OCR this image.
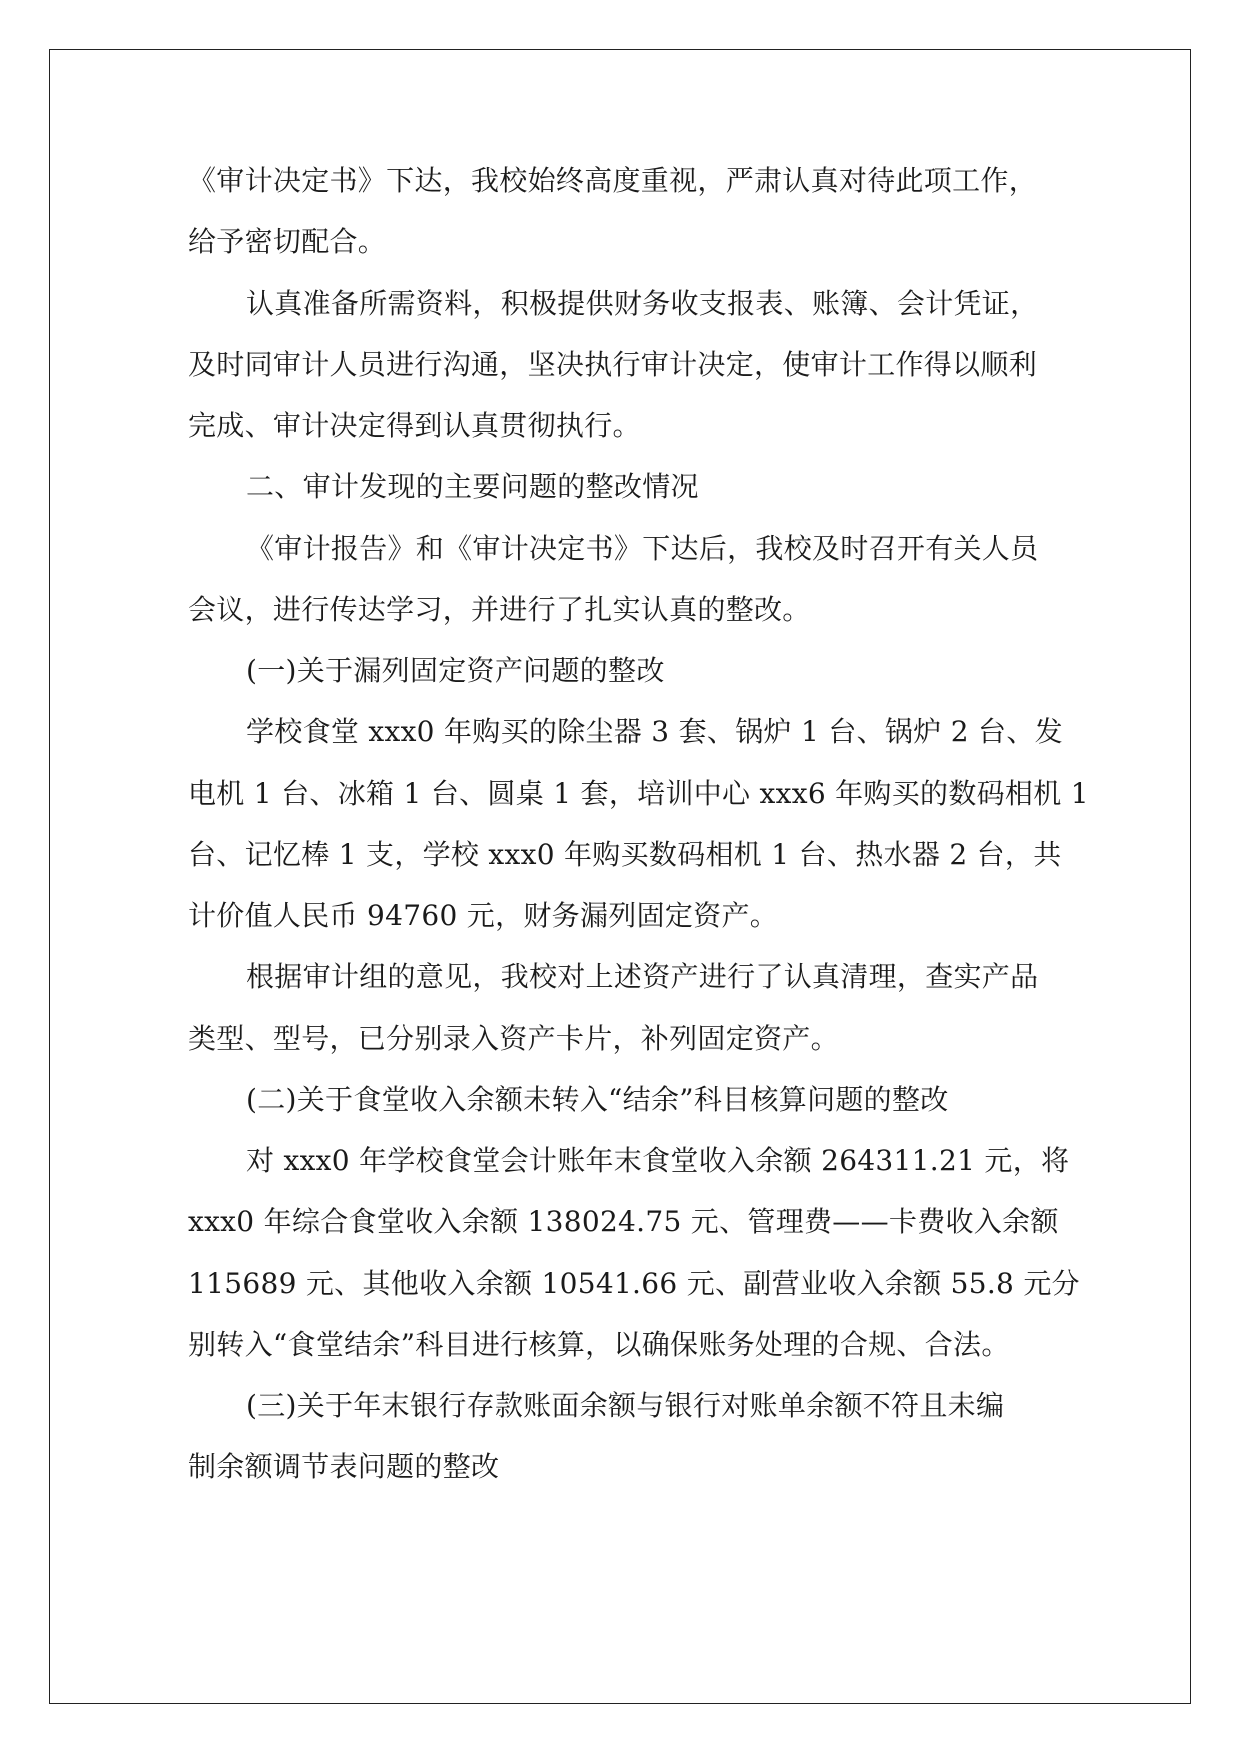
《审计决定书》下达，我校始终高度重视，严肃认真对待此项工作，
给予密切配合。
认真准备所需资料，积极提供财务收支报表、账簿、会计凭证，
及时同审计人员进行沟通，坚决执行审计决定，使审计工作得以顺利
完成、审计决定得到认真贯彻执行。
二、审计发现的主要问题的整改情况
《审计报告》和《审计决定书》下达后，我校及时召开有关人员
会议，进行传达学习，并进行了扎实认真的整改。
(一)关于漏列固定资产问题的整改
学校食堂 xxx0 年购买的除尘器 3 套、锅炉 1 台、锅炉 2 台、发
电机 1 台、冰箱 1 台、圆桌 1 套，培训中心 xxx6 年购买的数码相机 1
台、记忆棒 1 支，学校 xxx0 年购买数码相机 1 台、热水器 2 台，共
计价值人民币 94760 元，财务漏列固定资产。
根据审计组的意见，我校对上述资产进行了认真清理，查实产品
类型、型号，已分别录入资产卡片，补列固定资产。
(二)关于食堂收入余额未转入“结余”科目核算问题的整改
对 xxx0 年学校食堂会计账年末食堂收入余额 264311.21 元，将
xxx0 年综合食堂收入余额 138024.75 元、管理费——卡费收入余额
115689 元、其他收入余额 10541.66 元、副营业收入余额 55.8 元分
别转入“食堂结余”科目进行核算，以确保账务处理的合规、合法。
(三)关于年末银行存款账面余额与银行对账单余额不符且未编
制余额调节表问题的整改
